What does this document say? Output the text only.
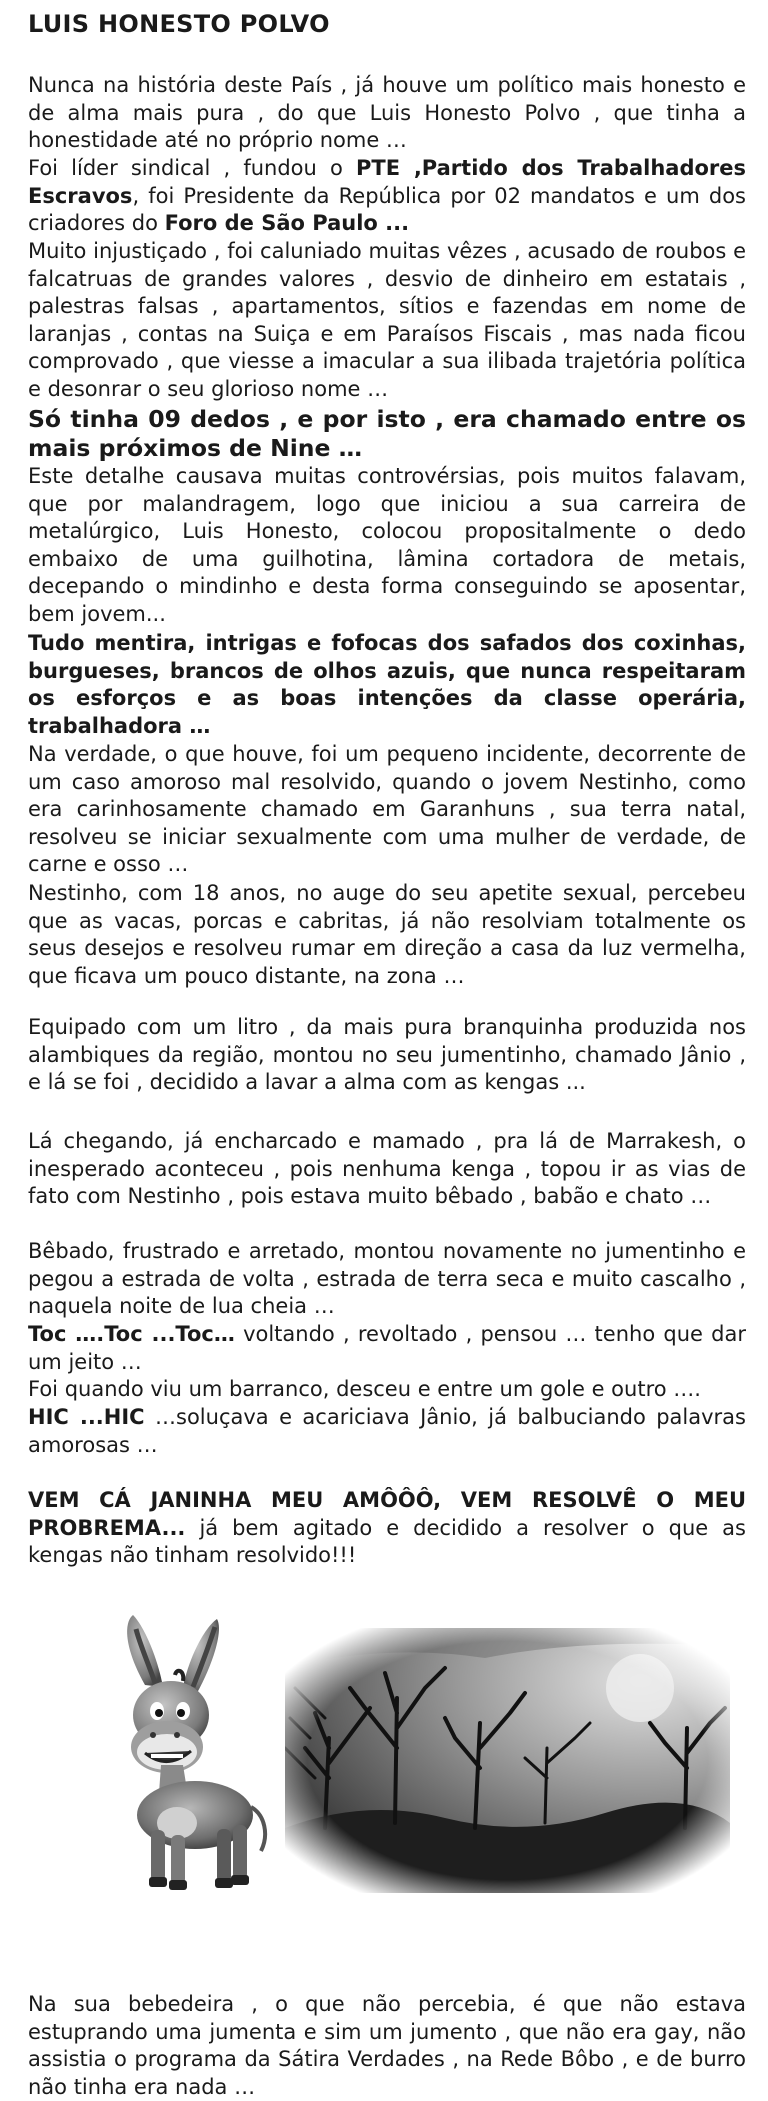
LUIS HONESTO POLVO

Nunca na história deste País , já houve um político mais honesto e de alma mais pura , do que Luis Honesto Polvo , que tinha a honestidade até no próprio nome …

Foi líder sindical , fundou o PTE ,Partido dos Trabalhadores Escravos, foi Presidente da República por 02 mandatos e um dos criadores do Foro de São Paulo ...

Muito injustiçado , foi caluniado muitas vêzes , acusado de roubos e falcatruas de grandes valores , desvio de dinheiro em estatais , palestras falsas , apartamentos, sítios e fazendas em nome de laranjas , contas na Suiça e em Paraísos Fiscais , mas nada ficou comprovado , que viesse a imacular a sua ilibada trajetória política e desonrar o seu glorioso nome …

Só tinha 09 dedos , e por isto , era chamado entre os mais próximos de Nine …

Este detalhe causava muitas controvérsias, pois muitos falavam, que por malandragem, logo que iniciou a sua carreira de metalúrgico, Luis Honesto, colocou propositalmente o dedo embaixo de uma guilhotina, lâmina cortadora de metais, decepando o mindinho e desta forma conseguindo se aposentar, bem jovem...

Tudo mentira, intrigas e fofocas dos safados dos coxinhas, burgueses, brancos de olhos azuis, que nunca respeitaram os esforços e as boas intenções da classe operária, trabalhadora …

Na verdade, o que houve, foi um pequeno incidente, decorrente de um caso amoroso mal resolvido, quando o jovem Nestinho, como era carinhosamente chamado em Garanhuns , sua terra natal, resolveu se iniciar sexualmente com uma mulher de verdade, de carne e osso …

Nestinho, com 18 anos, no auge do seu apetite sexual, percebeu que as vacas, porcas e cabritas, já não resolviam totalmente os seus desejos e resolveu rumar em direção a casa da luz vermelha, que ficava um pouco distante, na zona …

Equipado com um litro , da mais pura branquinha produzida nos alambiques da região, montou no seu jumentinho, chamado Jânio , e lá se foi , decidido a lavar a alma com as kengas ...

Lá chegando, já encharcado e mamado , pra lá de Marrakesh, o inesperado aconteceu , pois nenhuma kenga , topou ir as vias de fato com Nestinho , pois estava muito bêbado , babão e chato …

Bêbado, frustrado e arretado, montou novamente no jumentinho e pegou a estrada de volta , estrada de terra seca e muito cascalho , naquela noite de lua cheia …

Toc ….Toc ...Toc… voltando , revoltado , pensou … tenho que dar um jeito …

Foi quando viu um barranco, desceu e entre um gole e outro ….

HIC ...HIC …soluçava e acariciava Jânio, já balbuciando palavras amorosas …

VEM CÁ JANINHA MEU AMÔÔÔ, VEM RESOLVÊ O MEU PROBREMA... já bem agitado e decidido a resolver o que as kengas não tinham resolvido!!!

Na sua bebedeira , o que não percebia, é que não estava estuprando uma jumenta e sim um jumento , que não era gay, não assistia o programa da Sátira Verdades , na Rede Bôbo , e de burro não tinha era nada …
